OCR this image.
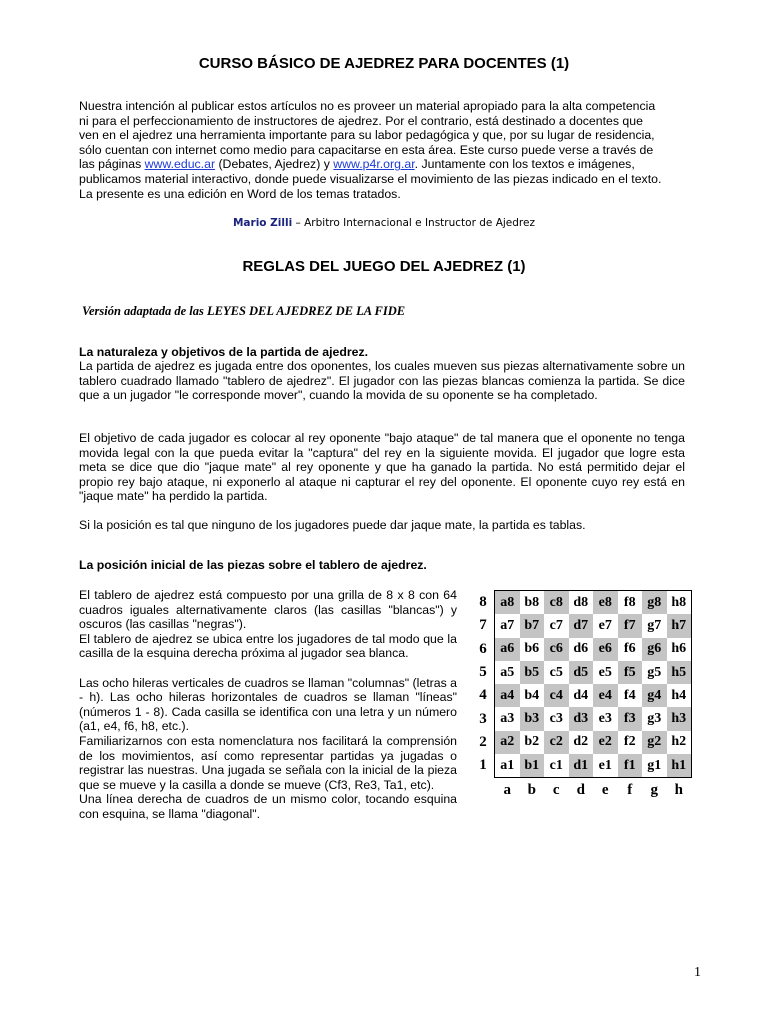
CURSO BÁSICO DE AJEDREZ PARA DOCENTES (1)
Nuestra intención al publicar estos artículos no es proveer un material apropiado para la alta competencia
ni para el perfeccionamiento de instructores de ajedrez. Por el contrario, está destinado a docentes que
ven en el ajedrez una herramienta importante para su labor pedagógica y que, por su lugar de residencia,
sólo cuentan con internet como medio para capacitarse en esta área. Este curso puede verse a través de
las páginas www.educ.ar (Debates, Ajedrez) y www.p4r.org.ar. Juntamente con los textos e imágenes,
publicamos material interactivo, donde puede visualizarse el movimiento de las piezas indicado en el texto.
La presente es una edición en Word de los temas tratados.
Mario Zilli – Arbitro Internacional e Instructor de Ajedrez
REGLAS DEL JUEGO DEL AJEDREZ (1)

Versión adaptada de las LEYES DEL AJEDREZ DE LA FIDE

La naturaleza y objetivos de la partida de ajedrez.

La partida de ajedrez es jugada entre dos oponentes, los cuales mueven sus piezas alternativamente sobre un tablero cuadrado llamado "tablero de ajedrez". El jugador con las piezas blancas comienza la partida. Se dice que a un jugador "le corresponde mover", cuando la movida de su oponente se ha completado.

El objetivo de cada jugador es colocar al rey oponente "bajo ataque" de tal manera que el oponente no tenga movida legal con la que pueda evitar la "captura" del rey en la siguiente movida. El jugador que logre esta meta se dice que dio "jaque mate" al rey oponente y que ha ganado la partida. No está permitido dejar el propio rey bajo ataque, ni exponerlo al ataque ni capturar el rey del oponente. El oponente cuyo rey está en "jaque mate" ha perdido la partida.

Si la posición es tal que ninguno de los jugadores puede dar jaque mate, la partida es tablas.

La posición inicial de las piezas sobre el tablero de ajedrez.

El tablero de ajedrez está compuesto por una grilla de 8 x 8 con 64 cuadros iguales alternativamente claros (las casillas "blancas") y oscuros (las casillas "negras").

El tablero de ajedrez se ubica entre los jugadores de tal modo que la casilla de la esquina derecha próxima al jugador sea blanca.

Las ocho hileras verticales de cuadros se llaman "columnas" (letras a - h). Las ocho hileras horizontales de cuadros se llaman "líneas" (números 1 - 8). Cada casilla se identifica con una letra y un número (a1, e4, f6, h8, etc.).

Familiarizarnos con esta nomenclatura nos facilitará la comprensión de los movimientos, así como representar partidas ya jugadas o registrar las nuestras. Una jugada se señala con la inicial de la pieza que se mueve y la casilla a donde se mueve (Cf3, Re3, Ta1, etc).

Una línea derecha de cuadros de un mismo color, tocando esquina con esquina, se llama "diagonal".

8
7
6
5
4
3
2
1
a8 b8 c8 d8 e8 f8 g8 h8
a7 b7 c7 d7 e7 f7 g7 h7
a6 b6 c6 d6 e6 f6 g6 h6
a5 b5 c5 d5 e5 f5 g5 h5
a4 b4 c4 d4 e4 f4 g4 h4
a3 b3 c3 d3 e3 f3 g3 h3
a2 b2 c2 d2 e2 f2 g2 h2
a1 b1 c1 d1 e1 f1 g1 h1
a	b	c	d	e	f	g	h
1
